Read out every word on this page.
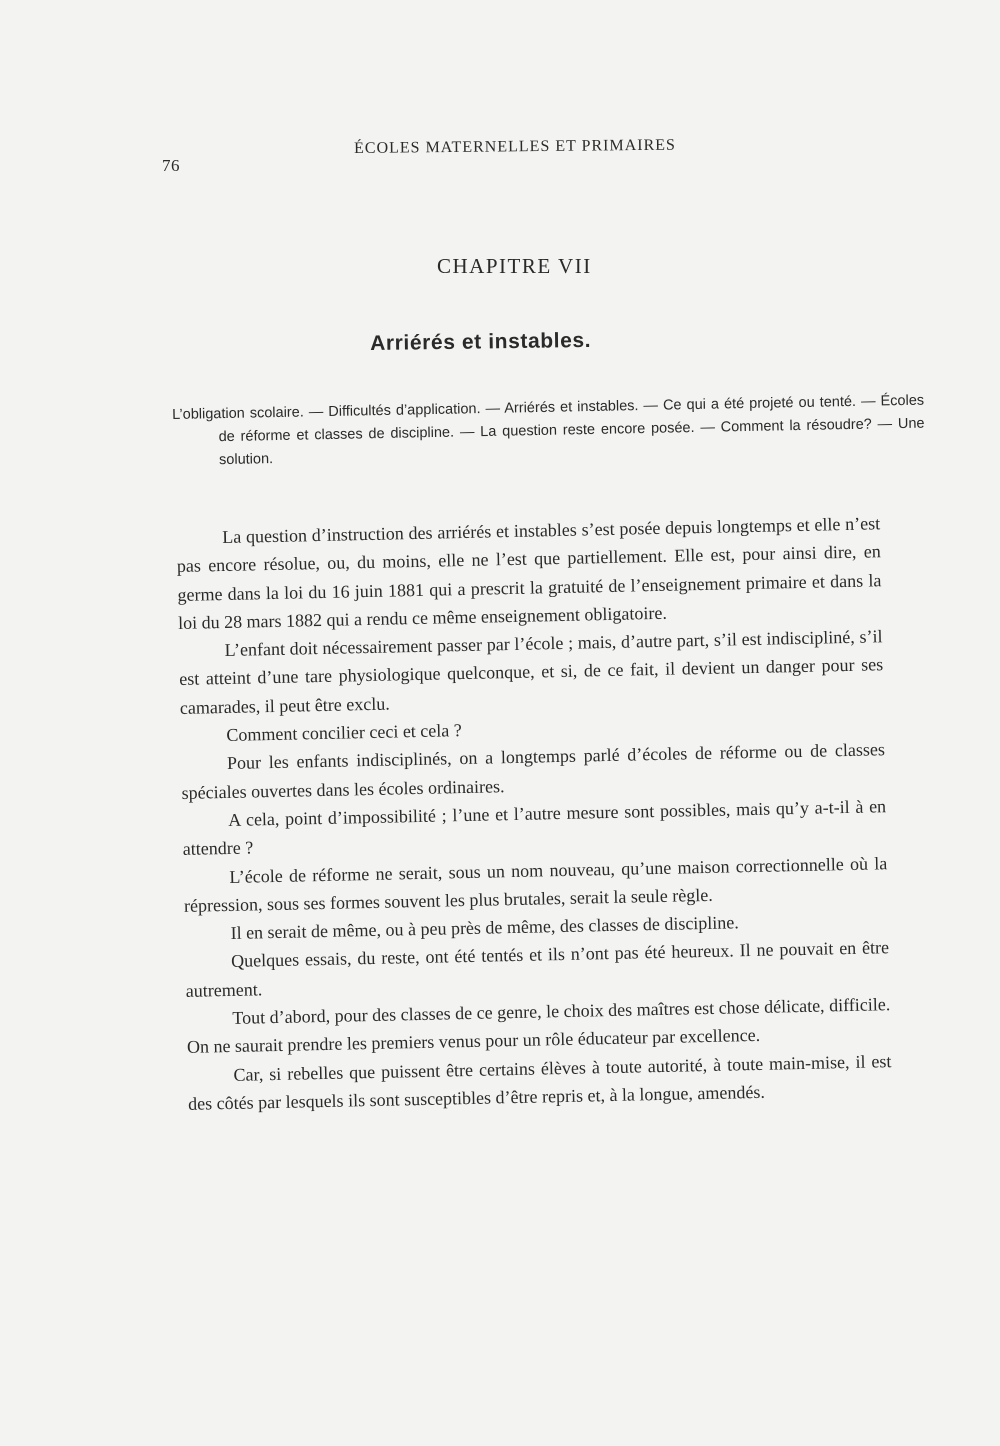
76
ÉCOLES MATERNELLES ET PRIMAIRES
CHAPITRE VII
Arriérés et instables.
L’obligation scolaire. — Difficultés d’application. — Arriérés et instables. — Ce qui a été projeté ou tenté. — Écoles de réforme et classes de discipline. — La question reste encore posée. — Comment la résoudre? — Une solution.

La question d’instruction des arriérés et instables s’est posée depuis longtemps et elle n’est pas encore résolue, ou, du moins, elle ne l’est que partiellement. Elle est, pour ainsi dire, en germe dans la loi du 16 juin 1881 qui a prescrit la gratuité de l’enseignement primaire et dans la loi du 28 mars 1882 qui a rendu ce même enseignement obligatoire.

L’enfant doit nécessairement passer par l’école ; mais, d’autre part, s’il est indiscipliné, s’il est atteint d’une tare physiologique quelconque, et si, de ce fait, il devient un danger pour ses camarades, il peut être exclu.

Comment concilier ceci et cela ?

Pour les enfants indisciplinés, on a longtemps parlé d’écoles de réforme ou de classes spéciales ouvertes dans les écoles ordinaires.

A cela, point d’impossibilité ; l’une et l’autre mesure sont possibles, mais qu’y a-t-il à en attendre ?

L’école de réforme ne serait, sous un nom nouveau, qu’une maison correctionnelle où la répression, sous ses formes souvent les plus brutales, serait la seule règle.

Il en serait de même, ou à peu près de même, des classes de discipline.

Quelques essais, du reste, ont été tentés et ils n’ont pas été heureux. Il ne pouvait en être autrement.

Tout d’abord, pour des classes de ce genre, le choix des maîtres est chose délicate, difficile. On ne saurait prendre les premiers venus pour un rôle éducateur par excellence.

Car, si rebelles que puissent être certains élèves à toute autorité, à toute main-mise, il est des côtés par lesquels ils sont susceptibles d’être repris et, à la longue, amendés.
